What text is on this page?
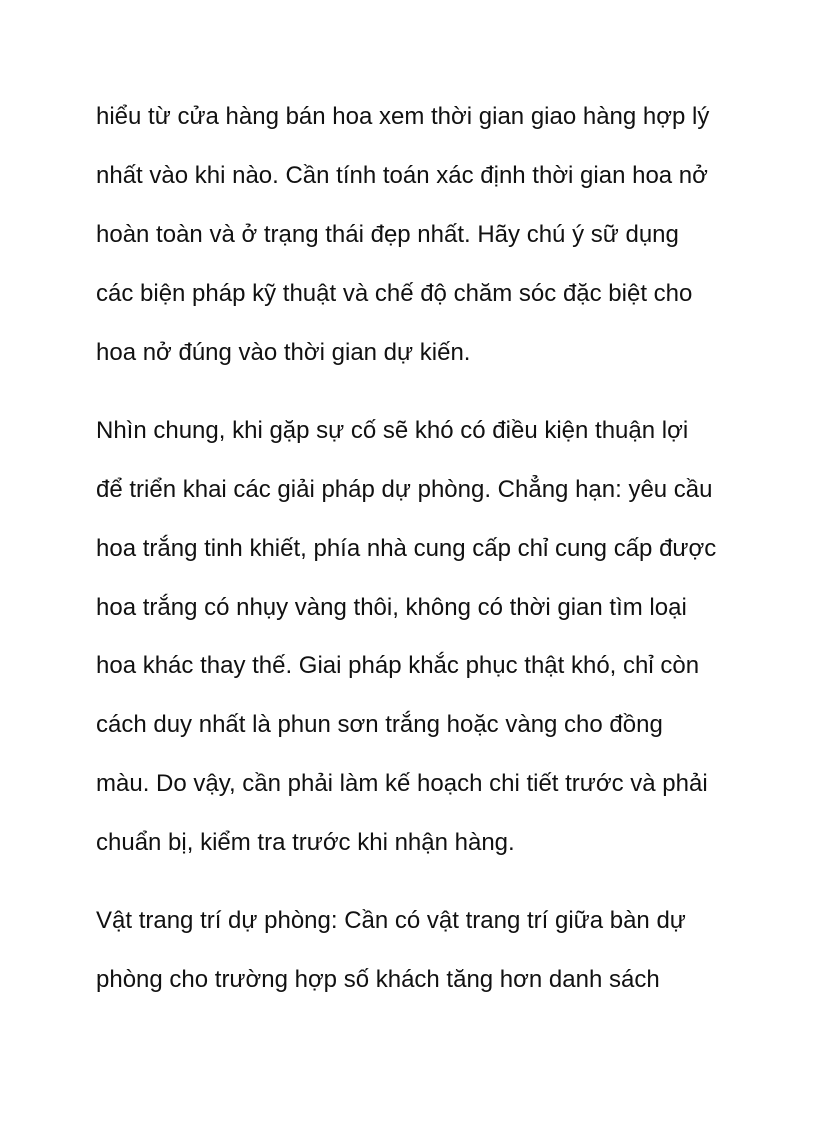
hiểu từ cửa hàng bán hoa xem thời gian giao hàng hợp lý
nhất vào khi nào. Cần tính toán xác định thời gian hoa nở
hoàn toàn và ở trạng thái đẹp nhất. Hãy chú ý sữ dụng
các biện pháp kỹ thuật và chế độ chăm sóc đặc biệt cho
hoa nở đúng vào thời gian dự kiến.
Nhìn chung, khi gặp sự cố sẽ khó có điều kiện thuận lợi
để triển khai các giải pháp dự phòng. Chẳng hạn: yêu cầu
hoa trắng tinh khiết, phía nhà cung cấp chỉ cung cấp được
hoa trắng có nhụy vàng thôi, không có thời gian tìm loại
hoa khác thay thế. Giai pháp khắc phục thật khó, chỉ còn
cách duy nhất là phun sơn trắng hoặc vàng cho đồng
màu. Do vậy, cần phải làm kế hoạch chi tiết trước và phải
chuẩn bị, kiểm tra trước khi nhận hàng.
Vật trang trí dự phòng: Cần có vật trang trí giữa bàn dự
phòng cho trường hợp số khách tăng hơn danh sách
